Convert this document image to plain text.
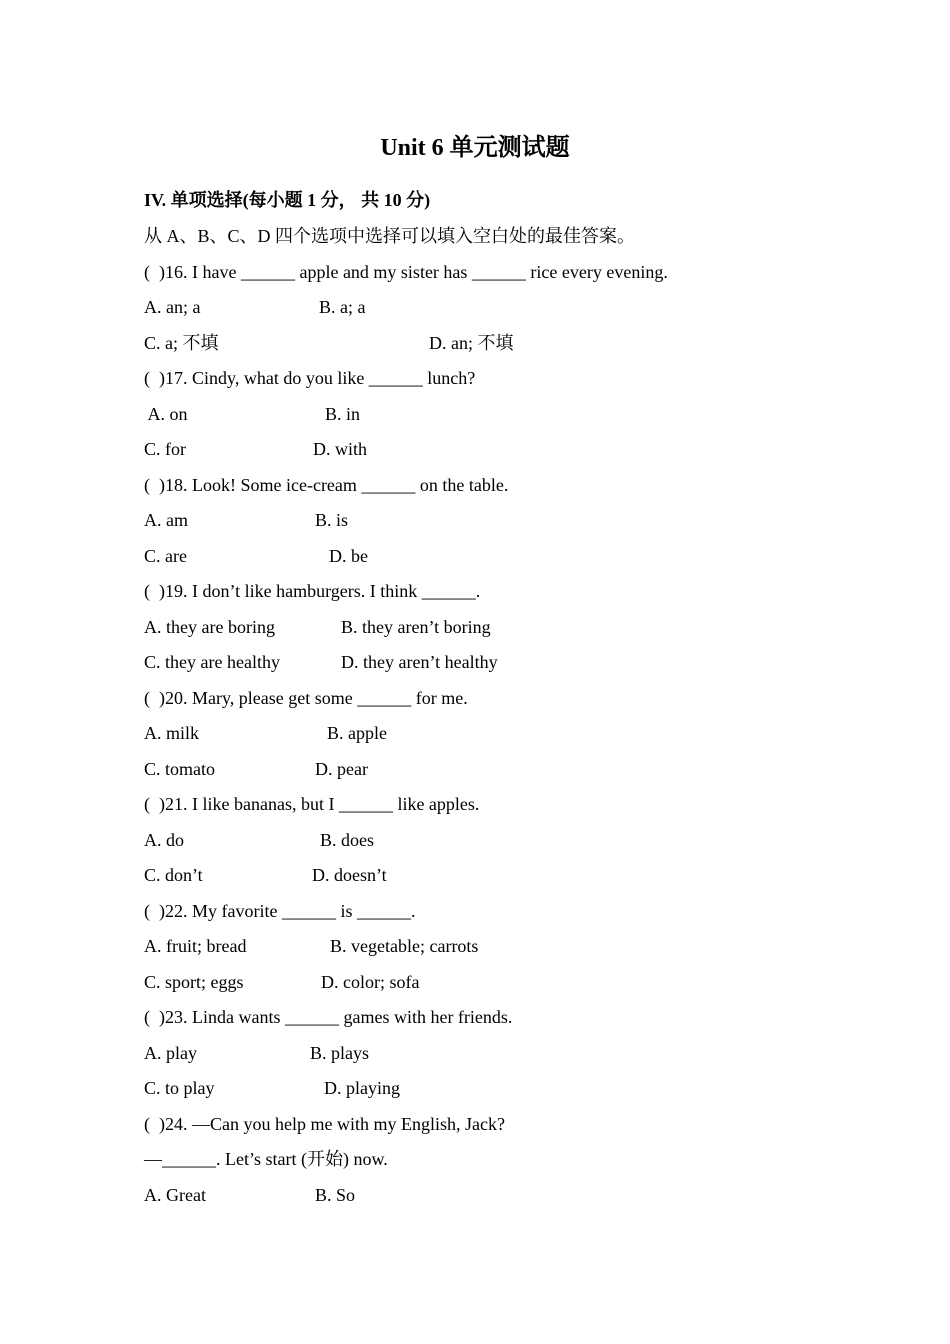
Unit 6 单元测试题
IV. 单项选择(每小题 1 分， 共 10 分)
从 A、B、C、D 四个选项中选择可以填入空白处的最佳答案。
(  )16. I have ______ apple and my sister has ______ rice every evening.
A. an; a	B. a; a
C. a; 不填	D. an; 不填
(  )17. Cindy, what do you like ______ lunch?
A. on	B. in
C. for	D. with
(  )18. Look! Some ice-cream ______ on the table.
A. am	B. is
C. are	D. be
(  )19. I don’t like hamburgers. I think ______.
A. they are boring	B. they aren’t boring
C. they are healthy	D. they aren’t healthy
(  )20. Mary, please get some ______ for me.
A. milk	B. apple
C. tomato	D. pear
(  )21. I like bananas, but I ______ like apples.
A. do	B. does
C. don’t	D. doesn’t
(  )22. My favorite ______ is ______.
A. fruit; bread	B. vegetable; carrots
C. sport; eggs	D. color; sofa
(  )23. Linda wants ______ games with her friends.
A. play	B. plays
C. to play	D. playing
(  )24. —Can you help me with my English, Jack?
—______. Let’s start (开始) now.
A. Great	B. So
